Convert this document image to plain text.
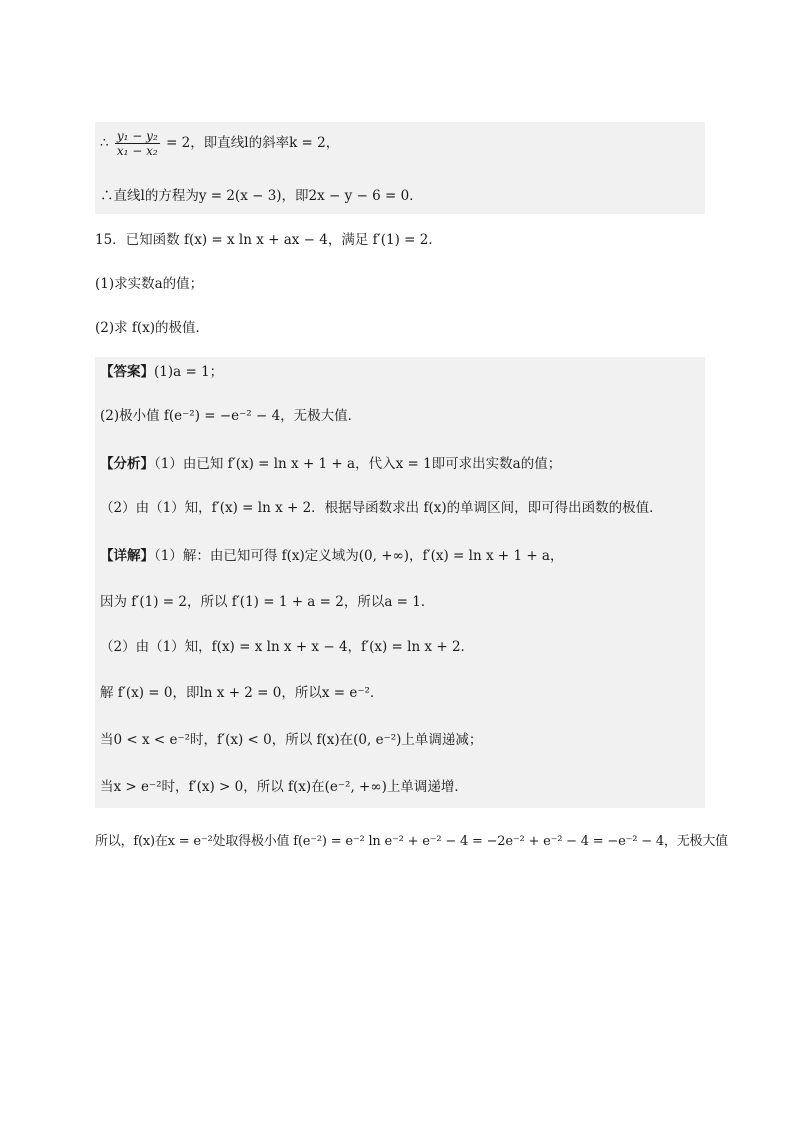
∴ $\frac{\text{y₁ − y₂}}{\text{x₁ − x₂}} = 2$，即直线l的斜率k = 2，
∴直线l的方程为y = 2(x − 3)，即2x − y − 6 = 0．
15．已知函数 f(x) = x ln x + ax − 4，满足 f′(1) = 2．
(1)求实数a的值；
(2)求 f(x)的极值．
【答案】(1)a = 1；
(2)极小值 f(e⁻²) = −e⁻² − 4，无极大值．
【分析】（1）由已知 f′(x) = ln x + 1 + a，代入x = 1即可求出实数a的值；
（2）由（1）知，f′(x) = ln x + 2．根据导函数求出 f(x)的单调区间，即可得出函数的极值．
【详解】（1）解：由已知可得 f(x)定义域为(0, +∞)，f′(x) = ln x + 1 + a，
因为 f′(1) = 2，所以 f′(1) = 1 + a = 2，所以a = 1．
（2）由（1）知，f(x) = x ln x + x − 4，f′(x) = ln x + 2．
解 f′(x) = 0，即ln x + 2 = 0，所以x = e⁻²．
当0 < x < e⁻²时，f′(x) < 0，所以 f(x)在(0, e⁻²)上单调递减；
当x > e⁻²时，f′(x) > 0，所以 f(x)在(e⁻², +∞)上单调递增．
所以，f(x)在x = e⁻²处取得极小值 f(e⁻²) = e⁻² ln e⁻² + e⁻² − 4 = −2e⁻² + e⁻² − 4 = −e⁻² − 4，无极大值
